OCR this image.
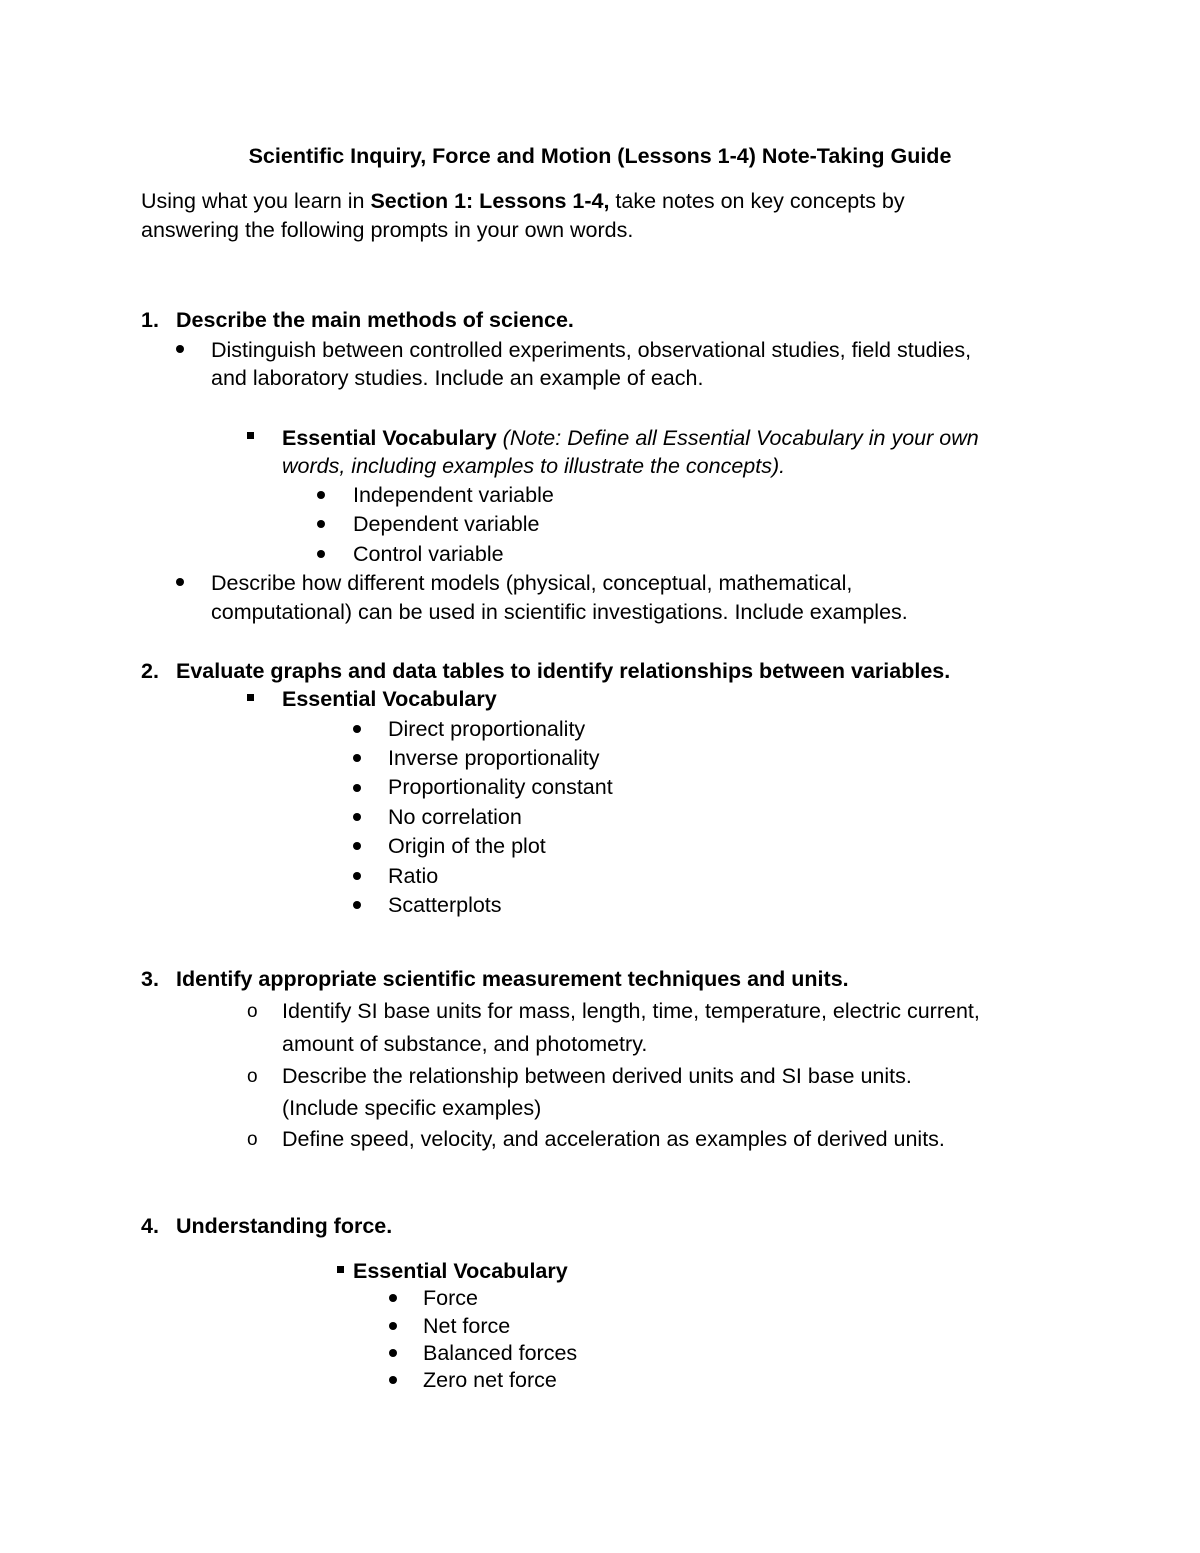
Scientific Inquiry, Force and Motion (Lessons 1-4) Note-Taking Guide
Using what you learn in Section 1: Lessons 1-4, take notes on key concepts by
answering the following prompts in your own words.
1. Describe the main methods of science.
Distinguish between controlled experiments, observational studies, field studies,
and laboratory studies. Include an example of each.
Essential Vocabulary (Note: Define all Essential Vocabulary in your own
words, including examples to illustrate the concepts).
Independent variable
Dependent variable
Control variable
Describe how different models (physical, conceptual, mathematical,
computational) can be used in scientific investigations. Include examples.
2. Evaluate graphs and data tables to identify relationships between variables.
Essential Vocabulary
Direct proportionality
Inverse proportionality
Proportionality constant
No correlation
Origin of the plot
Ratio
Scatterplots
3. Identify appropriate scientific measurement techniques and units.
o Identify SI base units for mass, length, time, temperature, electric current,
amount of substance, and photometry.
o Describe the relationship between derived units and SI base units.
(Include specific examples)
o Define speed, velocity, and acceleration as examples of derived units.
4. Understanding force.
Essential Vocabulary
Force
Net force
Balanced forces
Zero net force
